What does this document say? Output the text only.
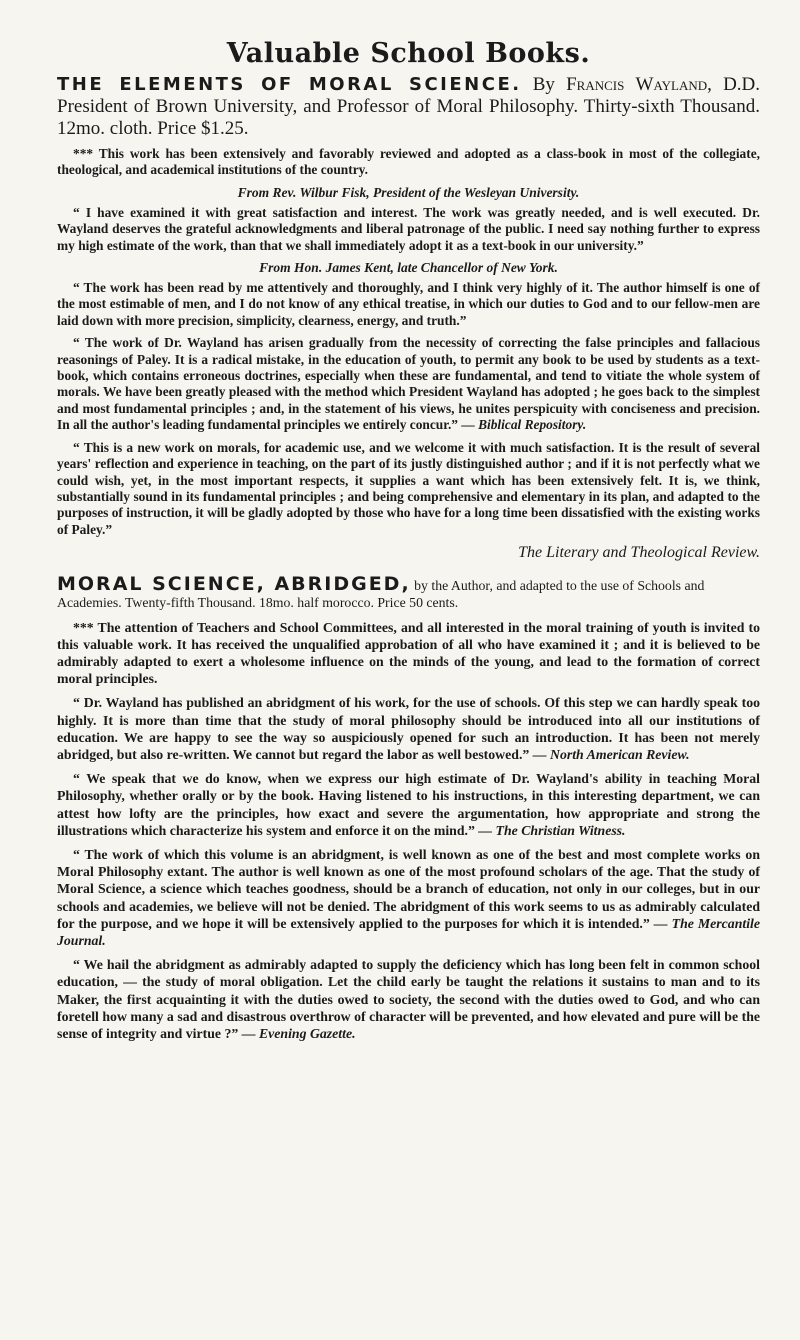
Valuable School Books.

THE ELEMENTS OF MORAL SCIENCE. By Francis Wayland, D.D. President of Brown University, and Professor of Moral Philosophy. Thirty-sixth Thousand. 12mo. cloth. Price $1.25.

*** This work has been extensively and favorably reviewed and adopted as a class-book in most of the collegiate, theological, and academical institutions of the country.

From Rev. Wilbur Fisk, President of the Wesleyan University.

“ I have examined it with great satisfaction and interest. The work was greatly needed, and is well executed. Dr. Wayland deserves the grateful acknowledgments and liberal patronage of the public. I need say nothing further to express my high estimate of the work, than that we shall immediately adopt it as a text-book in our university.”

From Hon. James Kent, late Chancellor of New York.

“ The work has been read by me attentively and thoroughly, and I think very highly of it. The author himself is one of the most estimable of men, and I do not know of any ethical treatise, in which our duties to God and to our fellow-men are laid down with more precision, simplicity, clearness, energy, and truth.”

“ The work of Dr. Wayland has arisen gradually from the necessity of correcting the false principles and fallacious reasonings of Paley. It is a radical mistake, in the education of youth, to permit any book to be used by students as a text-book, which contains erroneous doctrines, especially when these are fundamental, and tend to vitiate the whole system of morals. We have been greatly pleased with the method which President Wayland has adopted ; he goes back to the simplest and most fundamental principles ; and, in the statement of his views, he unites perspicuity with conciseness and precision. In all the author's leading fundamental principles we entirely concur.” — Biblical Repository.

“ This is a new work on morals, for academic use, and we welcome it with much satisfaction. It is the result of several years' reflection and experience in teaching, on the part of its justly distinguished author ; and if it is not perfectly what we could wish, yet, in the most important respects, it supplies a want which has been extensively felt. It is, we think, substantially sound in its fundamental principles ; and being comprehensive and elementary in its plan, and adapted to the purposes of instruction, it will be gladly adopted by those who have for a long time been dissatisfied with the existing works of Paley.”

The Literary and Theological Review.

MORAL SCIENCE, ABRIDGED, by the Author, and adapted to the use of Schools and Academies. Twenty-fifth Thousand. 18mo. half morocco. Price 50 cents.

*** The attention of Teachers and School Committees, and all interested in the moral training of youth is invited to this valuable work. It has received the unqualified approbation of all who have examined it ; and it is believed to be admirably adapted to exert a wholesome influence on the minds of the young, and lead to the formation of correct moral principles.

“ Dr. Wayland has published an abridgment of his work, for the use of schools. Of this step we can hardly speak too highly. It is more than time that the study of moral philosophy should be introduced into all our institutions of education. We are happy to see the way so auspiciously opened for such an introduction. It has been not merely abridged, but also re-written. We cannot but regard the labor as well bestowed.” — North American Review.

“ We speak that we do know, when we express our high estimate of Dr. Wayland's ability in teaching Moral Philosophy, whether orally or by the book. Having listened to his instructions, in this interesting department, we can attest how lofty are the principles, how exact and severe the argumentation, how appropriate and strong the illustrations which characterize his system and enforce it on the mind.” — The Christian Witness.

“ The work of which this volume is an abridgment, is well known as one of the best and most complete works on Moral Philosophy extant. The author is well known as one of the most profound scholars of the age. That the study of Moral Science, a science which teaches goodness, should be a branch of education, not only in our colleges, but in our schools and academies, we believe will not be denied. The abridgment of this work seems to us as admirably calculated for the purpose, and we hope it will be extensively applied to the purposes for which it is intended.” — The Mercantile Journal.

“ We hail the abridgment as admirably adapted to supply the deficiency which has long been felt in common school education, — the study of moral obligation. Let the child early be taught the relations it sustains to man and to its Maker, the first acquainting it with the duties owed to society, the second with the duties owed to God, and who can foretell how many a sad and disastrous overthrow of character will be prevented, and how elevated and pure will be the sense of integrity and virtue ?” — Evening Gazette.
